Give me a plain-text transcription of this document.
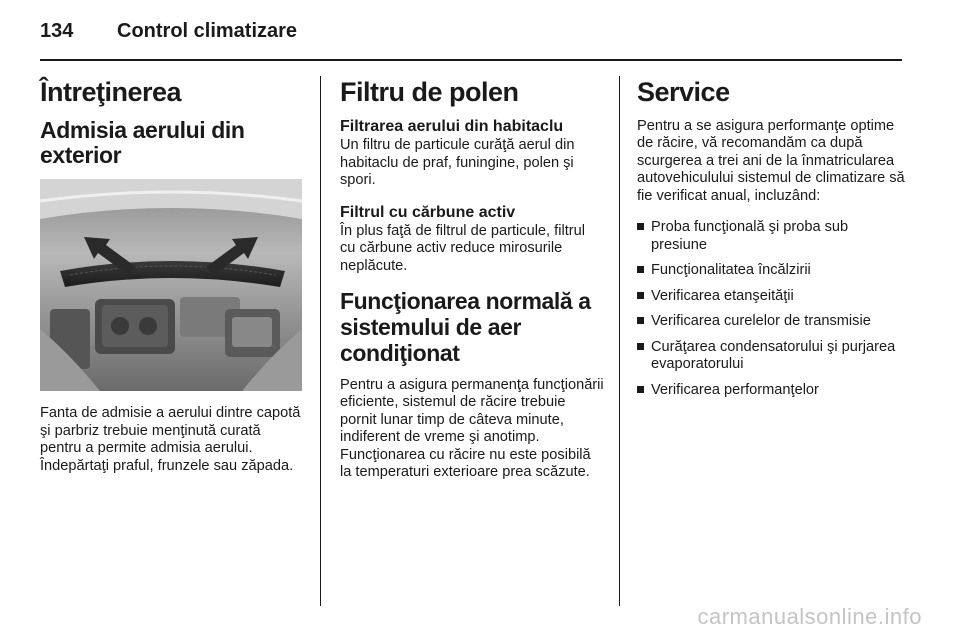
134 Control climatizare
Întreţinerea
Admisia aerului din exterior

Fanta de admisie a aerului dintre capotă şi parbriz trebuie menţinută curată pentru a permite admisia aerului. Îndepărtaţi praful, frunzele sau zăpada.

Filtru de polen
Filtrarea aerului din habitaclu

Un filtru de particule curăţă aerul din habitaclu de praf, funingine, polen şi spori.

Filtrul cu cărbune activ

În plus faţă de filtrul de particule, filtrul cu cărbune activ reduce mirosurile neplăcute.

Funcţionarea normală a sistemului de aer condiţionat

Pentru a asigura permanenţa funcţionării eficiente, sistemul de răcire trebuie pornit lunar timp de câteva minute, indiferent de vreme şi anotimp. Funcţionarea cu răcire nu este posibilă la temperaturi exterioare prea scăzute.

Service

Pentru a se asigura performanţe optime de răcire, vă recomandăm ca după scurgerea a trei ani de la înmatricularea autovehiculului sistemul de climatizare să fie verificat anual, incluzând:

Proba funcţională şi proba sub presiune
Funcţionalitatea încălzirii
Verificarea etanşeităţii
Verificarea curelelor de transmisie
Curăţarea condensatorului şi purjarea evaporatorului
Verificarea performanţelor
carmanualsonline.info
